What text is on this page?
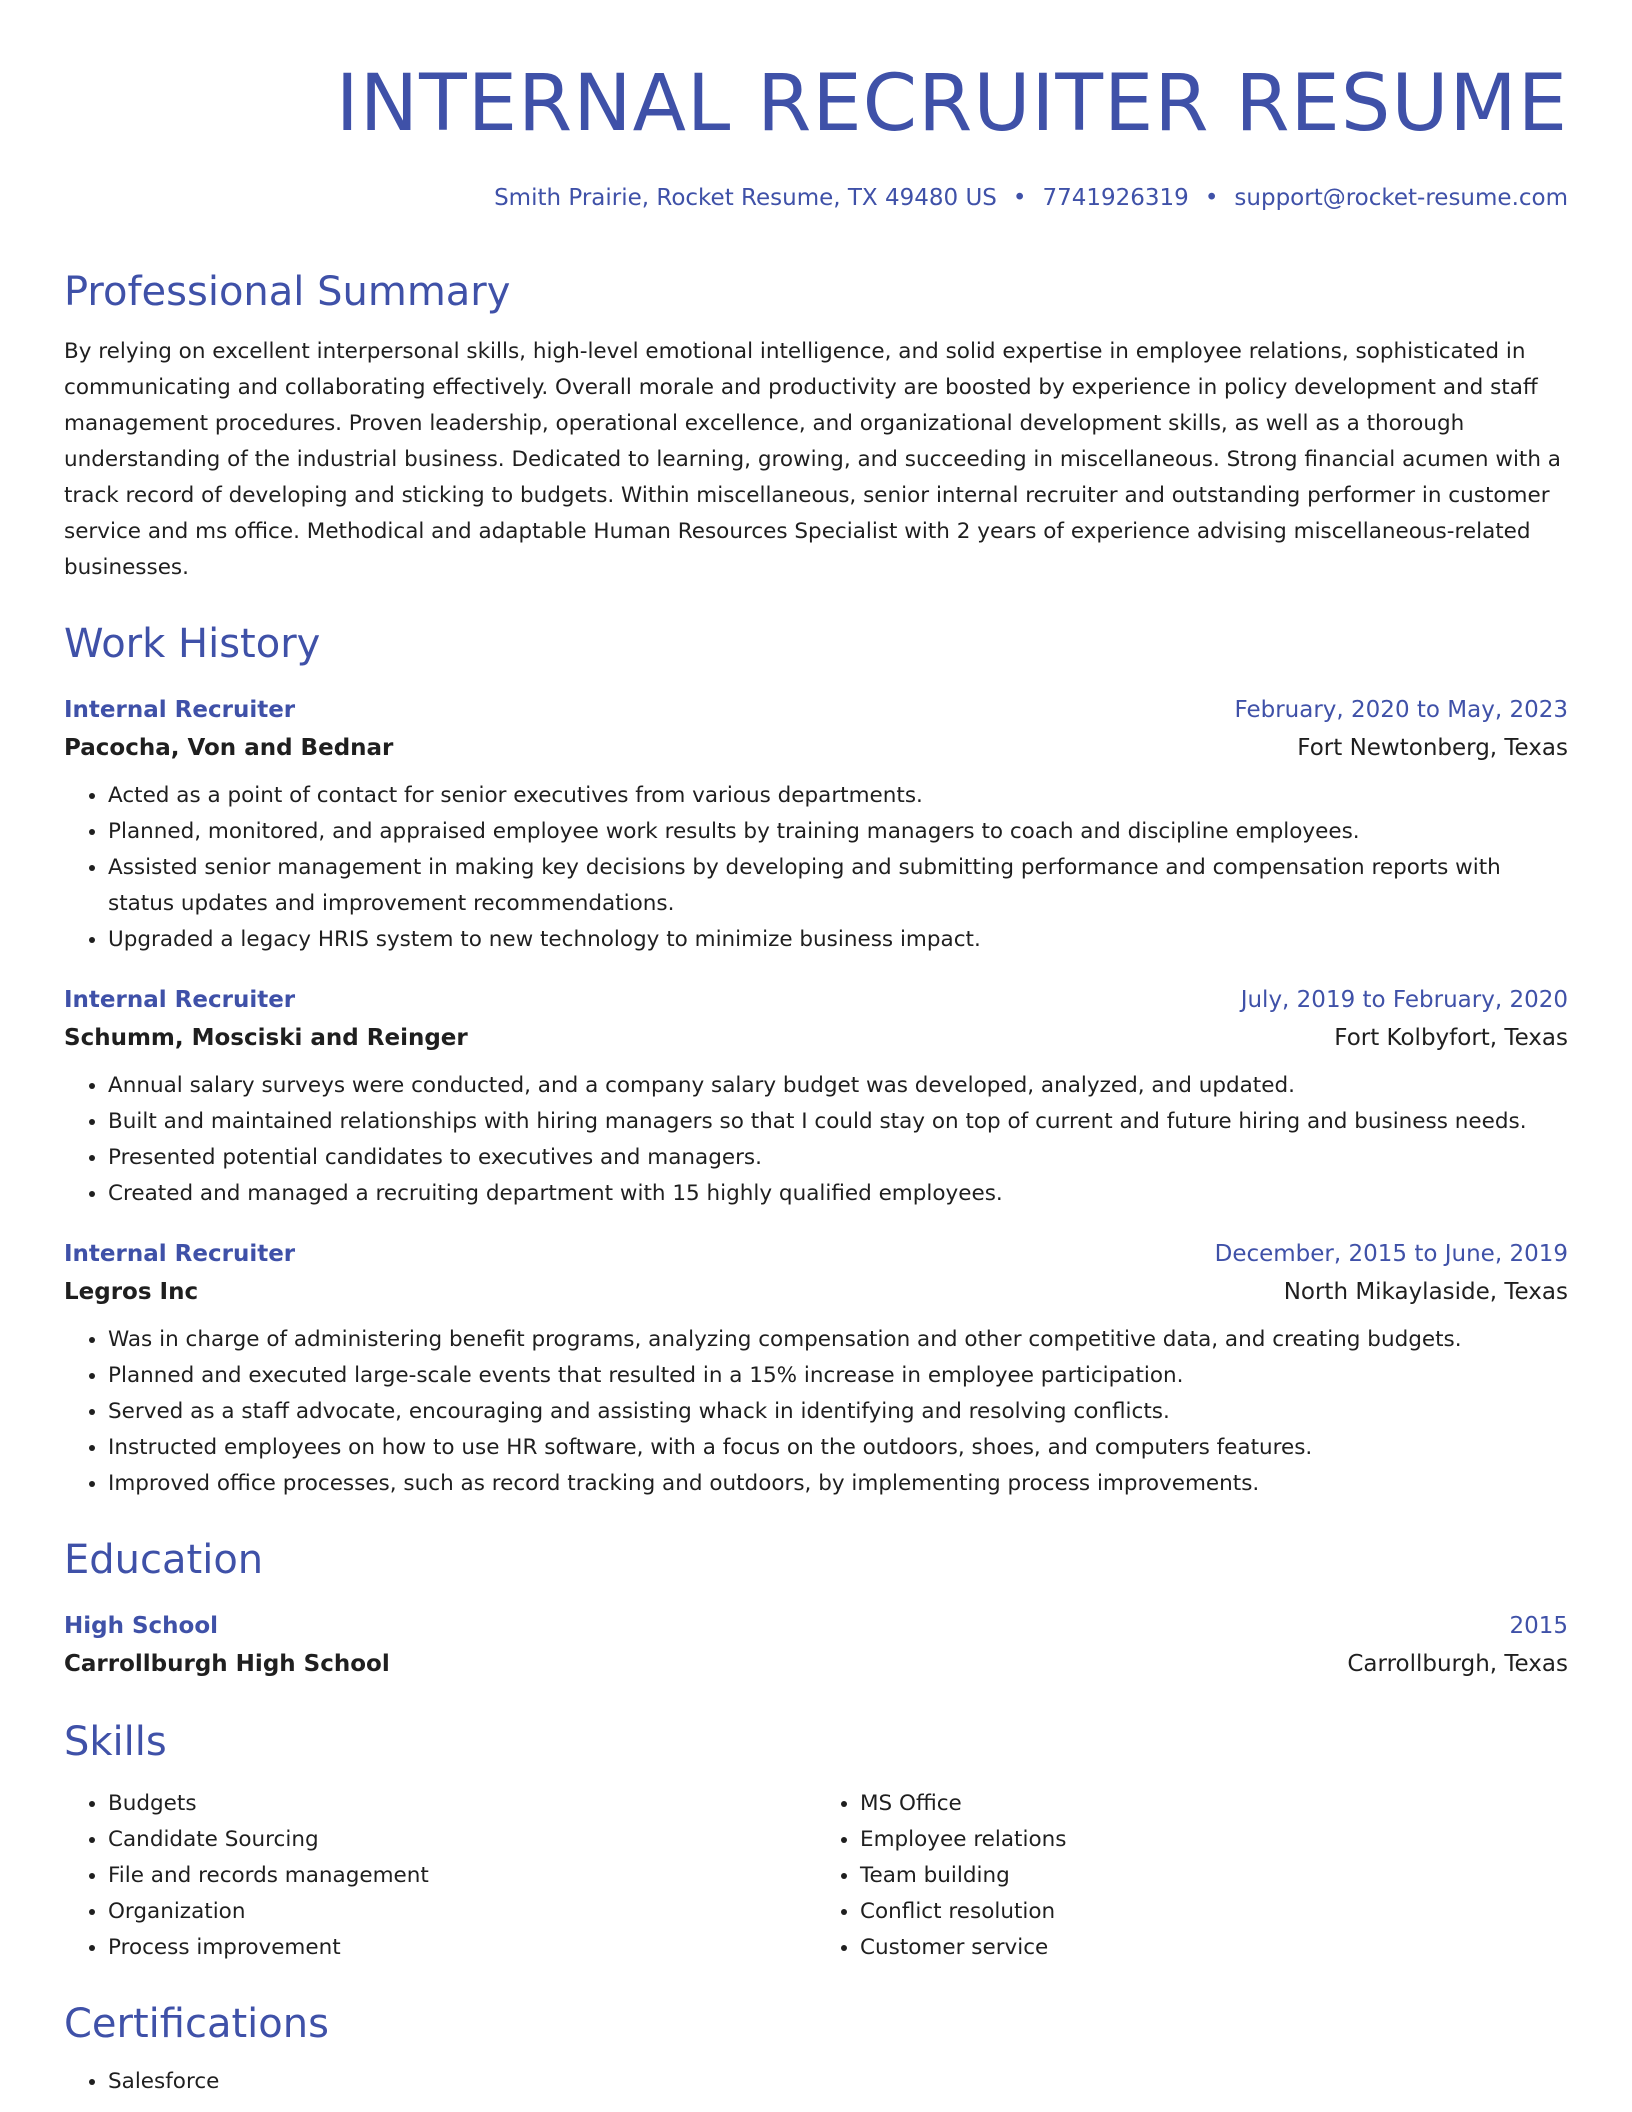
INTERNAL RECRUITER RESUME
Smith Prairie, Rocket Resume, TX 49480 US • 7741926319 • support@rocket-resume.com
Professional Summary
By relying on excellent interpersonal skills, high-level emotional intelligence, and solid expertise in employee relations, sophisticated in communicating and collaborating effectively. Overall morale and productivity are boosted by experience in policy development and staff management procedures. Proven leadership, operational excellence, and organizational development skills, as well as a thorough understanding of the industrial business. Dedicated to learning, growing, and succeeding in miscellaneous. Strong financial acumen with a track record of developing and sticking to budgets. Within miscellaneous, senior internal recruiter and outstanding performer in customer service and ms office. Methodical and adaptable Human Resources Specialist with 2 years of experience advising miscellaneous-related businesses.
Work History
Internal Recruiter	February, 2020 to May, 2023
Pacocha, Von and Bednar	Fort Newtonberg, Texas
• Acted as a point of contact for senior executives from various departments.
• Planned, monitored, and appraised employee work results by training managers to coach and discipline employees.
• Assisted senior management in making key decisions by developing and submitting performance and compensation reports with status updates and improvement recommendations.
• Upgraded a legacy HRIS system to new technology to minimize business impact.
Internal Recruiter	July, 2019 to February, 2020
Schumm, Mosciski and Reinger	Fort Kolbyfort, Texas
• Annual salary surveys were conducted, and a company salary budget was developed, analyzed, and updated.
• Built and maintained relationships with hiring managers so that I could stay on top of current and future hiring and business needs.
• Presented potential candidates to executives and managers.
• Created and managed a recruiting department with 15 highly qualified employees.
Internal Recruiter	December, 2015 to June, 2019
Legros Inc	North Mikaylaside, Texas
• Was in charge of administering benefit programs, analyzing compensation and other competitive data, and creating budgets.
• Planned and executed large-scale events that resulted in a 15% increase in employee participation.
• Served as a staff advocate, encouraging and assisting whack in identifying and resolving conflicts.
• Instructed employees on how to use HR software, with a focus on the outdoors, shoes, and computers features.
• Improved office processes, such as record tracking and outdoors, by implementing process improvements.
Education
High School	2015
Carrollburgh High School	Carrollburgh, Texas
Skills
• Budgets
• Candidate Sourcing
• File and records management
• Organization
• Process improvement
• MS Office
• Employee relations
• Team building
• Conflict resolution
• Customer service
Certifications
• Salesforce
